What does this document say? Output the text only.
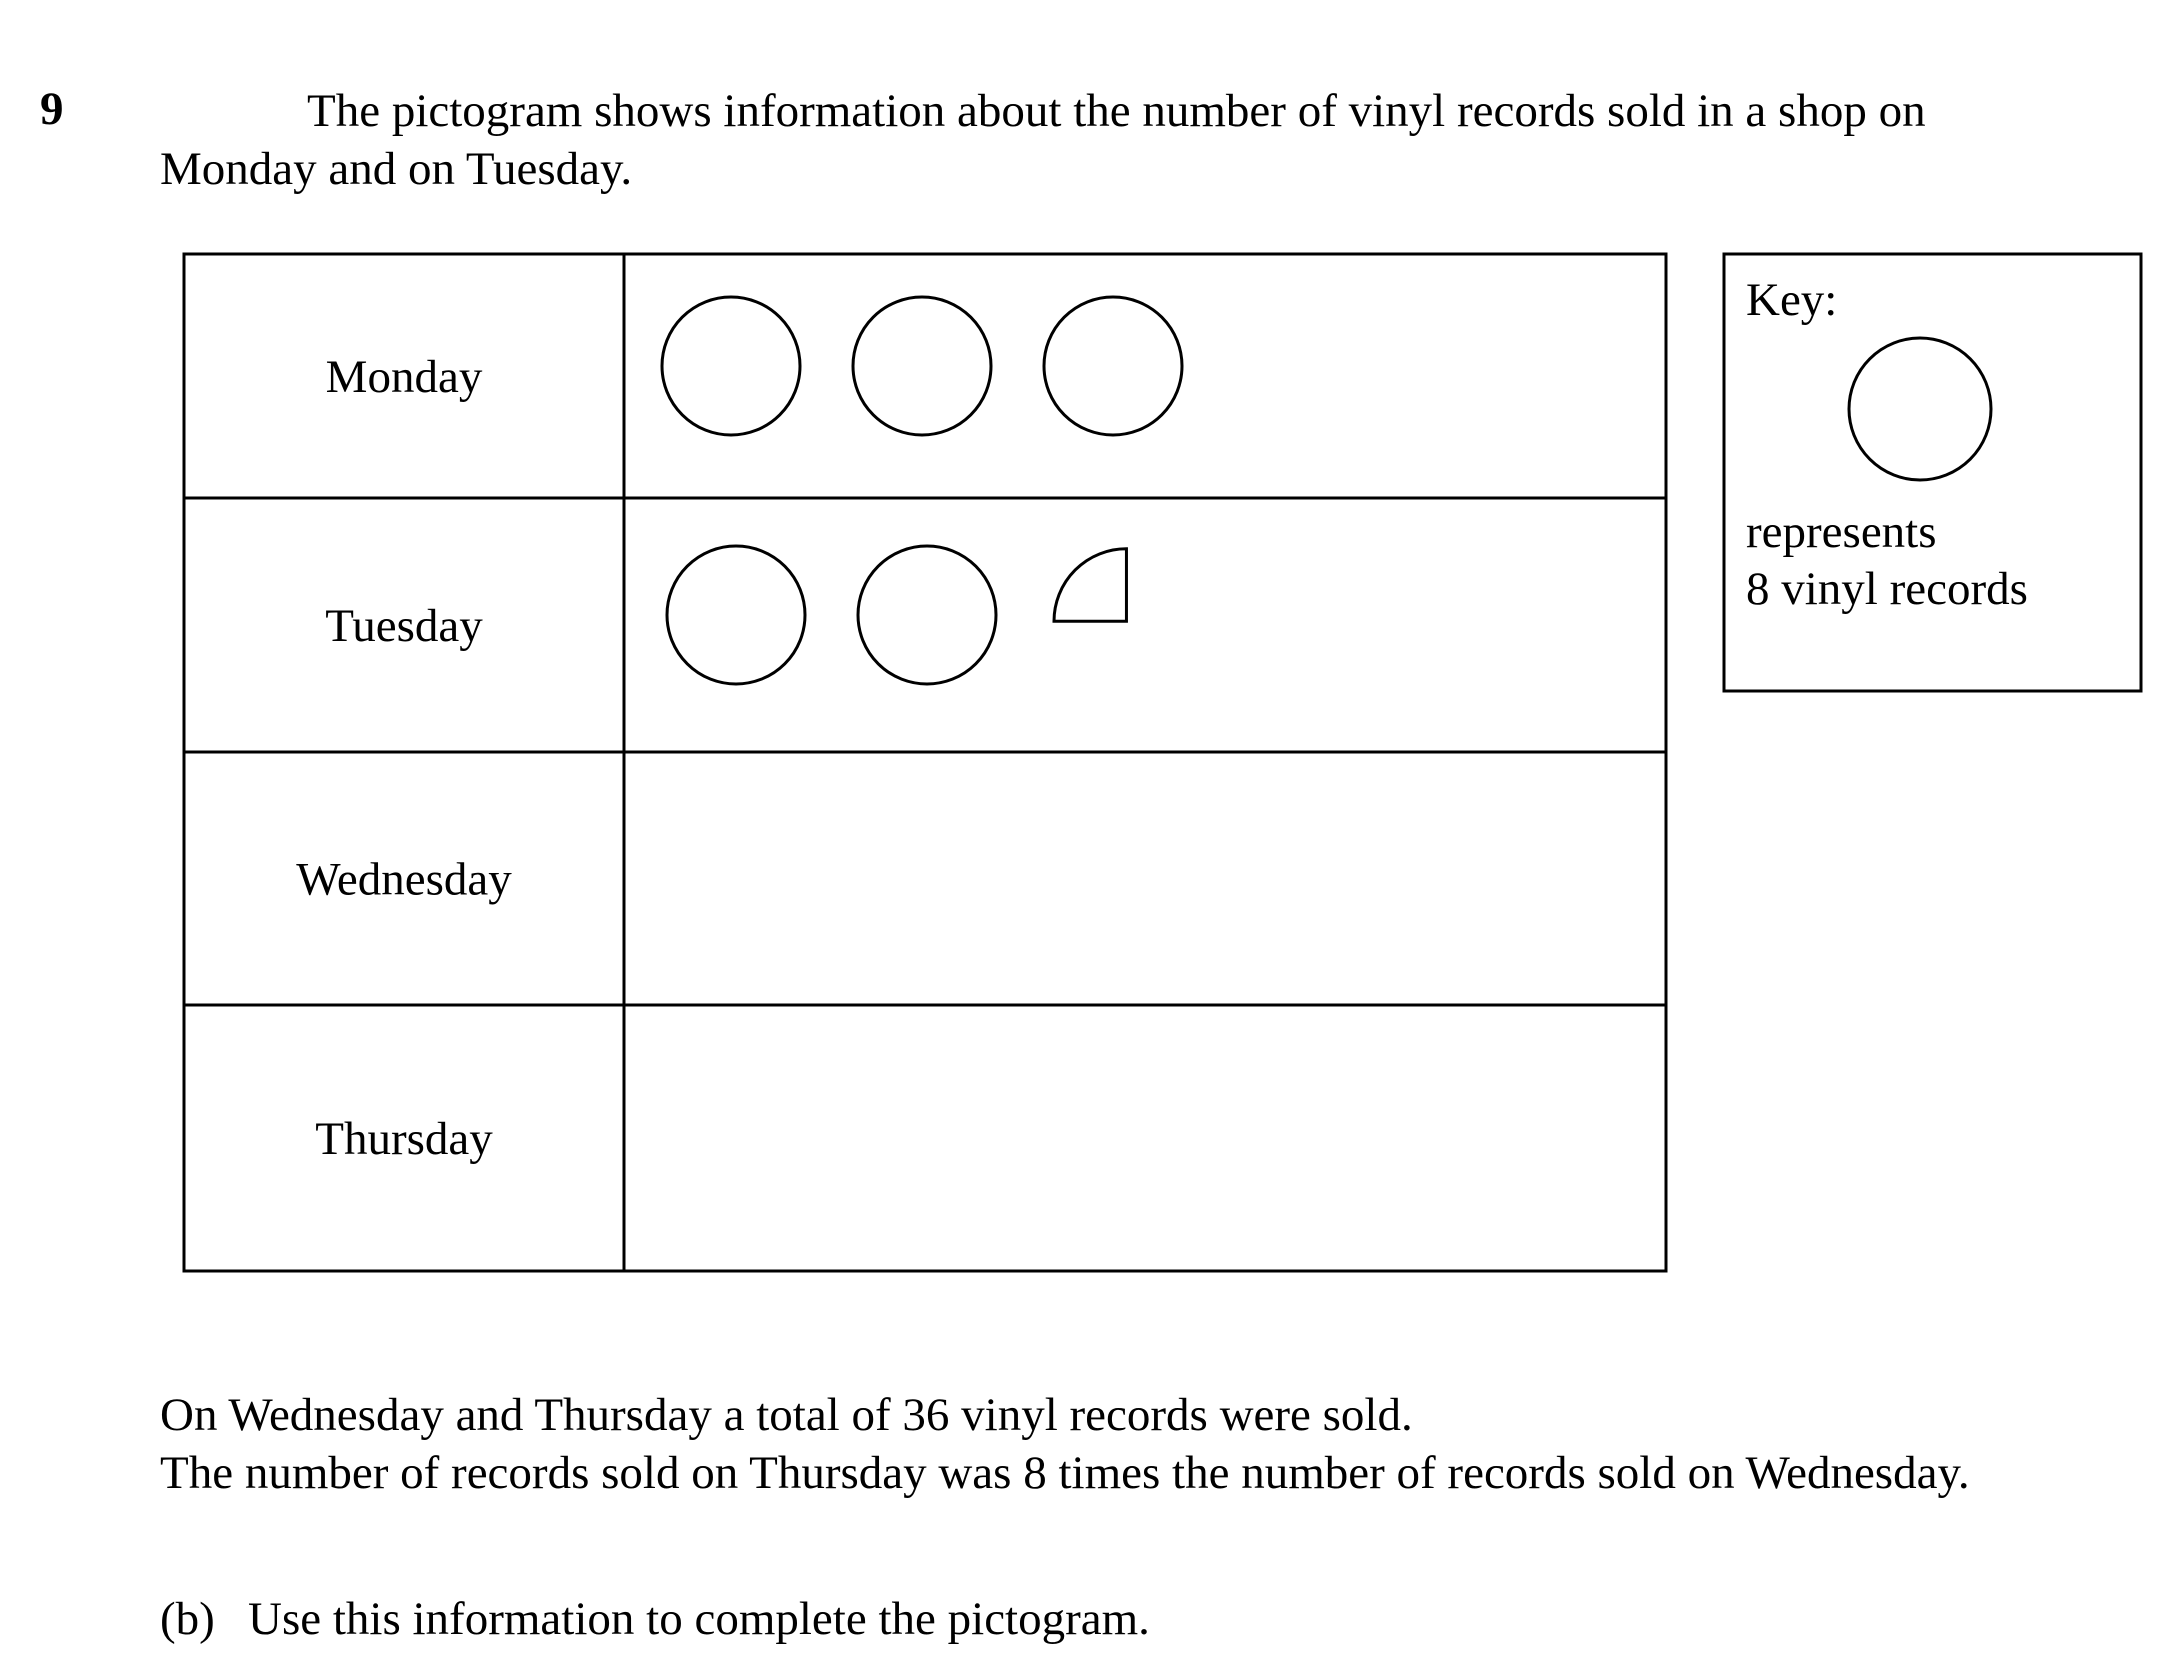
9	The pictogram shows information about the number of vinyl records sold in a shop on Monday and on Tuesday.
Monday
Tuesday
Wednesday
Thursday
Key:
represents
8 vinyl records
On Wednesday and Thursday a total of 36 vinyl records were sold.
The number of records sold on Thursday was 8 times the number of records sold on Wednesday.
(b) Use this information to complete the pictogram.
